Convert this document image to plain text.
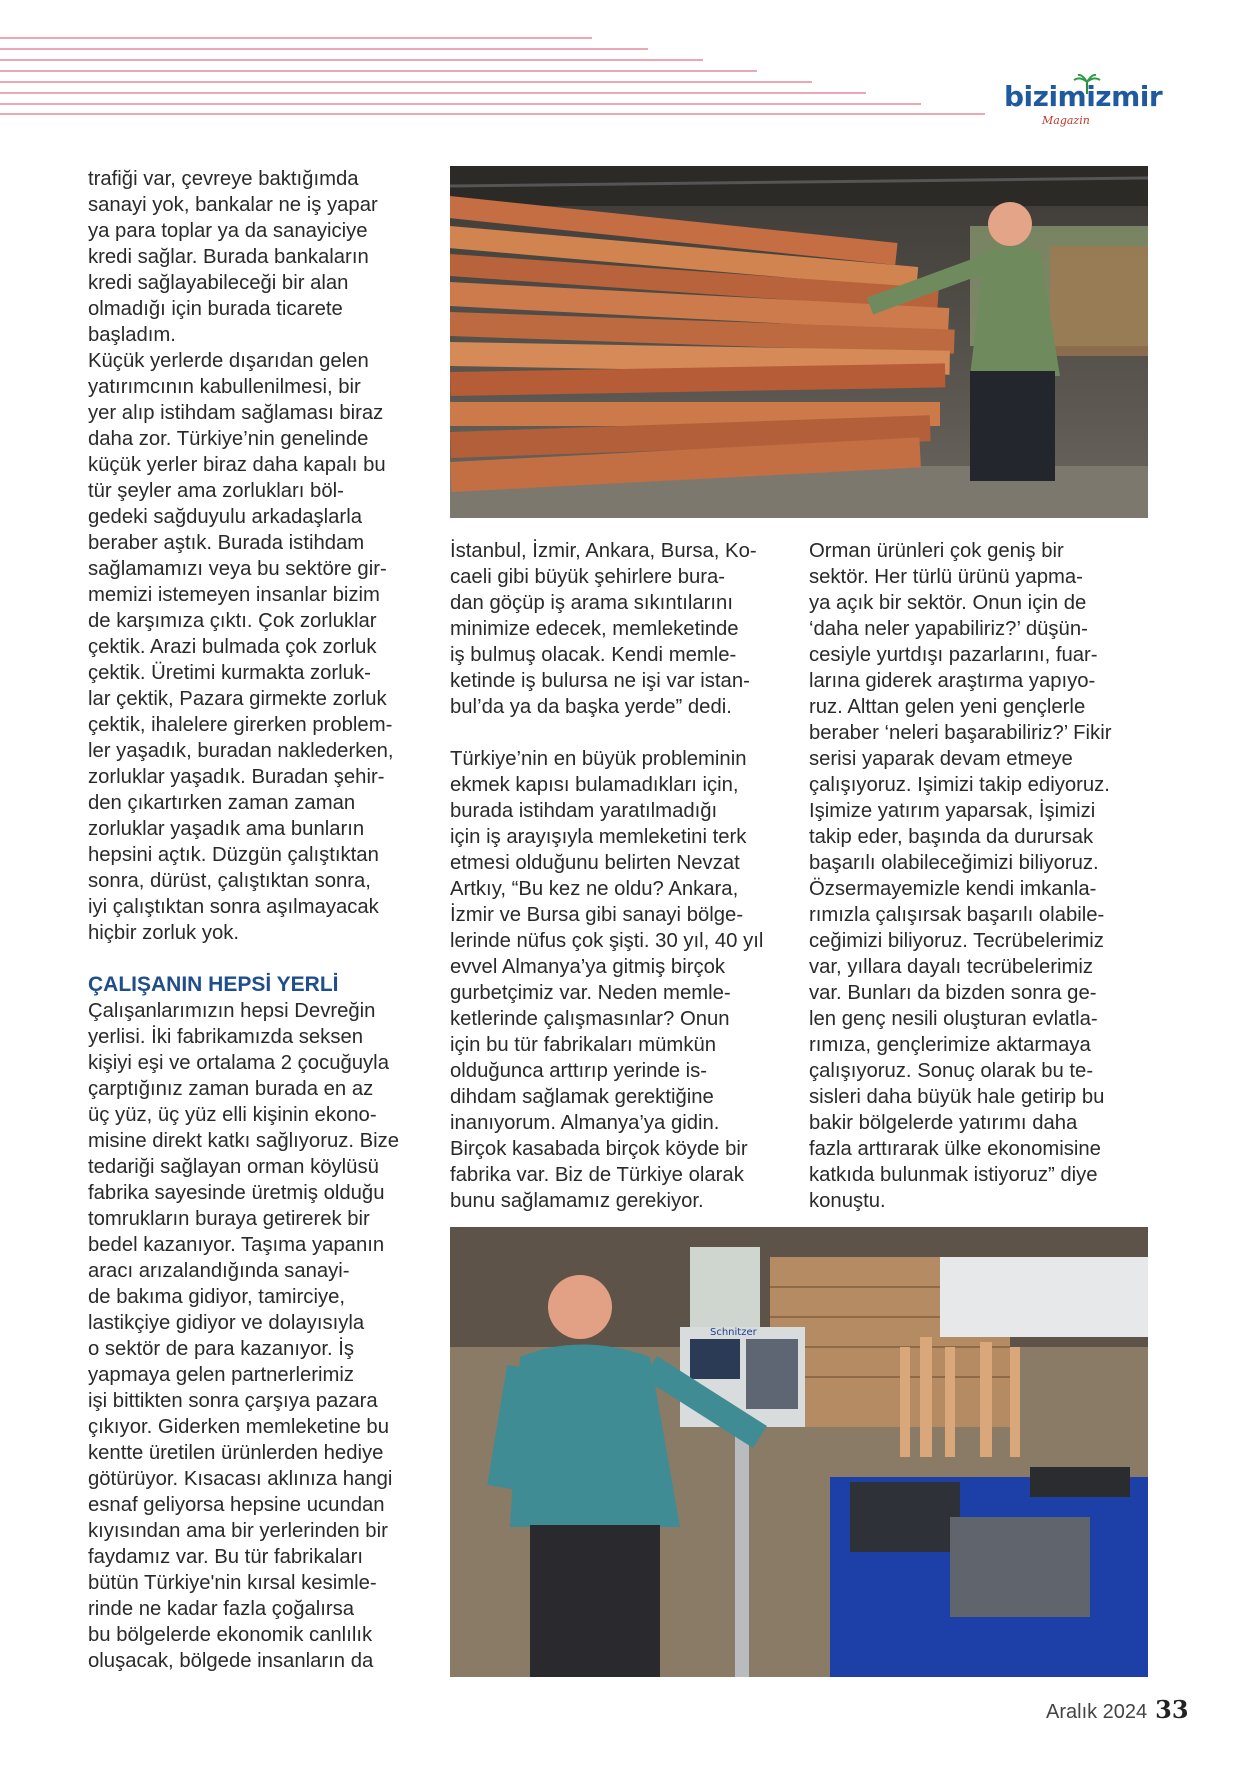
bizimizmir
Magazin

trafiği var, çevreye baktığımda
sanayi yok, bankalar ne iş yapar
ya para toplar ya da sanayiciye
kredi sağlar. Burada bankaların
kredi sağlayabileceği bir alan
olmadığı için burada ticarete
başladım.

Küçük yerlerde dışarıdan gelen
yatırımcının kabullenilmesi, bir
yer alıp istihdam sağlaması biraz
daha zor. Türkiye’nin genelinde
küçük yerler biraz daha kapalı bu
tür şeyler ama zorlukları böl-
gedeki sağduyulu arkadaşlarla
beraber aştık. Burada istihdam
sağlamamızı veya bu sektöre gir-
memizi istemeyen insanlar bizim
de karşımıza çıktı. Çok zorluklar
çektik. Arazi bulmada çok zorluk
çektik. Üretimi kurmakta zorluk-
lar çektik, Pazara girmekte zorluk
çektik, ihalelere girerken problem-
ler yaşadık, buradan naklederken,
zorluklar yaşadık. Buradan şehir-
den çıkartırken zaman zaman
zorluklar yaşadık ama bunların
hepsini açtık. Düzgün çalıştıktan
sonra, dürüst, çalıştıktan sonra,
iyi çalıştıktan sonra aşılmayacak
hiçbir zorluk yok.

ÇALIŞANIN HEPSİ YERLİ

Çalışanlarımızın hepsi Devreğin
yerlisi. İki fabrikamızda seksen
kişiyi eşi ve ortalama 2 çocuğuyla
çarptığınız zaman burada en az
üç yüz, üç yüz elli kişinin ekono-
misine direkt katkı sağlıyoruz. Bize
tedariği sağlayan orman köylüsü
fabrika sayesinde üretmiş olduğu
tomrukların buraya getirerek bir
bedel kazanıyor. Taşıma yapanın
aracı arızalandığında sanayi-
de bakıma gidiyor, tamirciye,
lastikçiye gidiyor ve dolayısıyla
o sektör de para kazanıyor. İş
yapmaya gelen partnerlerimiz
işi bittikten sonra çarşıya pazara
çıkıyor. Giderken memleketine bu
kentte üretilen ürünlerden hediye
götürüyor. Kısacası aklınıza hangi
esnaf geliyorsa hepsine ucundan
kıyısından ama bir yerlerinden bir
faydamız var. Bu tür fabrikaları
bütün Türkiye'nin kırsal kesimle-
rinde ne kadar fazla çoğalırsa
bu bölgelerde ekonomik canlılık
oluşacak, bölgede insanların da

İstanbul, İzmir, Ankara, Bursa, Ko-
caeli gibi büyük şehirlere bura-
dan göçüp iş arama sıkıntılarını
minimize edecek, memleketinde
iş bulmuş olacak. Kendi memle-
ketinde iş bulursa ne işi var istan-
bul’da ya da başka yerde” dedi.

Türkiye’nin en büyük probleminin
ekmek kapısı bulamadıkları için,
burada istihdam yaratılmadığı
için iş arayışıyla memleketini terk
etmesi olduğunu belirten Nevzat
Artkıy, “Bu kez ne oldu? Ankara,
İzmir ve Bursa gibi sanayi bölge-
lerinde nüfus çok şişti. 30 yıl, 40 yıl
evvel Almanya’ya gitmiş birçok
gurbetçimiz var. Neden memle-
ketlerinde çalışmasınlar? Onun
için bu tür fabrikaları mümkün
olduğunca arttırıp yerinde is-
dihdam sağlamak gerektiğine
inanıyorum. Almanya’ya gidin.
Birçok kasabada birçok köyde bir
fabrika var. Biz de Türkiye olarak
bunu sağlamamız gerekiyor.

Orman ürünleri çok geniş bir
sektör. Her türlü ürünü yapma-
ya açık bir sektör. Onun için de
‘daha neler yapabiliriz?’ düşün-
cesiyle yurtdışı pazarlarını, fuar-
larına giderek araştırma yapıyo-
ruz. Alttan gelen yeni gençlerle
beraber ‘neleri başarabiliriz?’ Fikir
serisi yaparak devam etmeye
çalışıyoruz. Işimizi takip ediyoruz.
Işimize yatırım yaparsak, İşimizi
takip eder, başında da durursak
başarılı olabileceğimizi biliyoruz.
Özsermayemizle kendi imkanla-
rımızla çalışırsak başarılı olabile-
ceğimizi biliyoruz. Tecrübelerimiz
var, yıllara dayalı tecrübelerimiz
var. Bunları da bizden sonra ge-
len genç nesili oluşturan evlatla-
rımıza, gençlerimize aktarmaya
çalışıyoruz. Sonuç olarak bu te-
sisleri daha büyük hale getirip bu
bakir bölgelerde yatırımı daha
fazla arttırarak ülke ekonomisine
katkıda bulunmak istiyoruz” diye
konuştu.

Schnitzer
Aralık 2024 33
